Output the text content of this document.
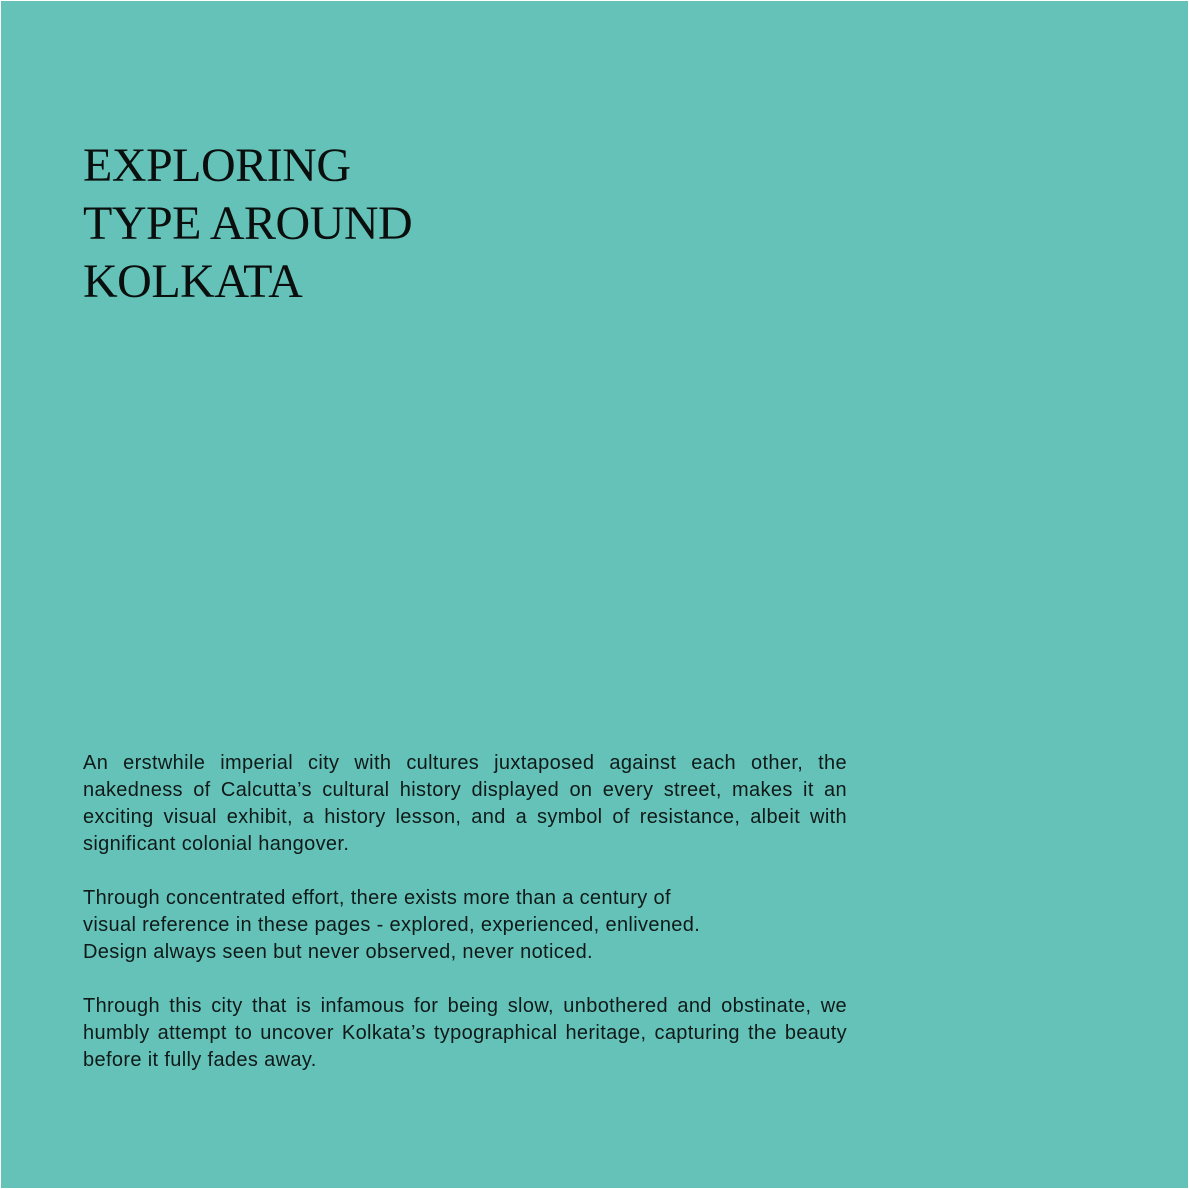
EXPLORING
TYPE AROUND
KOLKATA

An erstwhile imperial city with cultures juxtaposed against each other, the nakedness of Calcutta’s cultural history displayed on every street, makes it an exciting visual exhibit, a history lesson, and a symbol of resistance, albeit with significant colonial hangover.

Through concentrated effort, there exists more than a century of
visual reference in these pages - explored, experienced, enlivened.
Design always seen but never observed, never noticed.

Through this city that is infamous for being slow, unbothered and obstinate, we humbly attempt to uncover Kolkata’s typographical heritage, capturing the beauty before it fully fades away.
